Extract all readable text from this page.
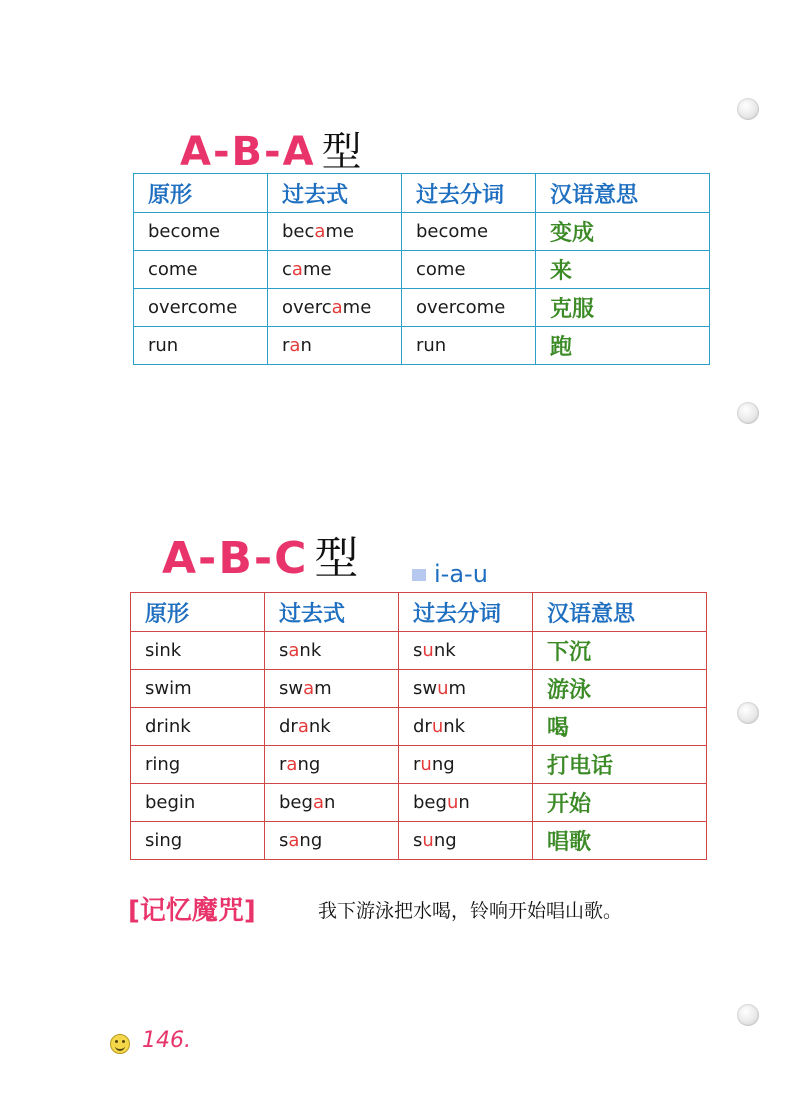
A-B-A 型
原形	过去式	过去分词	汉语意思
become	became	become	变成
come	came	come	来
overcome	overcame	overcome	克服
run	ran	run	跑
A-B-C 型	i-a-u
原形	过去式	过去分词	汉语意思
sink	sank	sunk	下沉
swim	swam	swum	游泳
drink	drank	drunk	喝
ring	rang	rung	打电话
begin	began	begun	开始
sing	sang	sung	唱歌
[记忆魔咒]	我下游泳把水喝，铃响开始唱山歌。
146.
